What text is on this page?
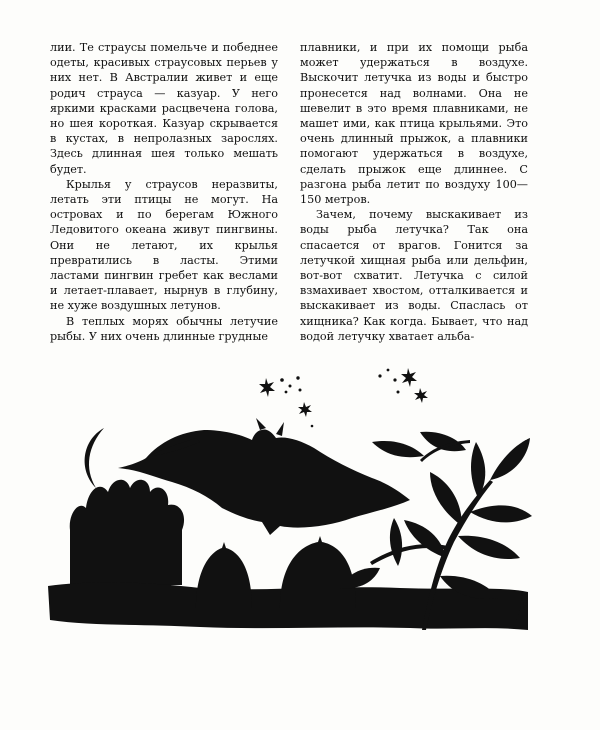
лии. Те страусы помельче и победнее одеты, красивых страусовых перьев у них нет. В Австралии живет и еще родич страуса — казуар. У него яркими красками расцвечена голова, но шея короткая. Казуар скрывается в кустах, в непролазных зарослях. Здесь длинная шея только мешать будет.

Крылья у страусов неразвиты, летать эти птицы не могут. На островах и по берегам Южного Ледовитого океана живут пингвины. Они не летают, их крылья превратились в ласты. Этими ластами пингвин гребет как веслами и летает-плавает, нырнув в глубину, не хуже воздушных летунов.

В теплых морях обычны летучие рыбы. У них очень длинные грудные

плавники, и при их помощи рыба может удержаться в воздухе. Выскочит летучка из воды и быстро пронесется над волнами. Она не шевелит в это время плавниками, не машет ими, как птица крыльями. Это очень длинный прыжок, а плавники помогают удержаться в воздухе, сделать прыжок еще длиннее. С разгона рыба летит по воздуху 100—150 метров.

Зачем, почему выскакивает из воды рыба летучка? Так она спасается от врагов. Гонится за летучкой хищная рыба или дельфин, вот-вот схватит. Летучка с силой взмахивает хвостом, отталкивается и выскакивает из воды. Спаслась от хищника? Как когда. Бывает, что над водой летучку хватает альба-
